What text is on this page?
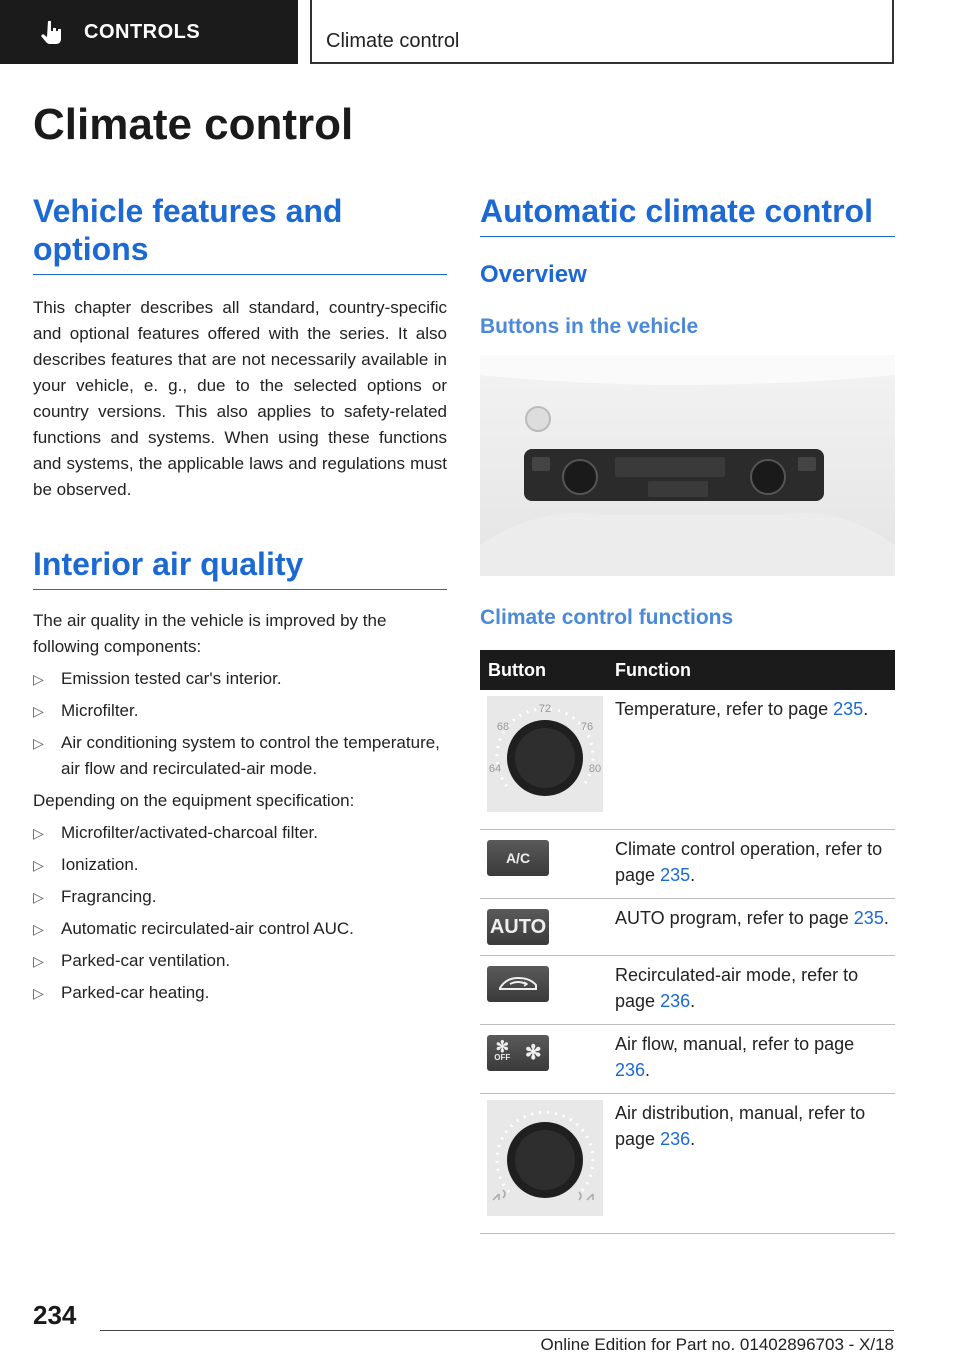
CONTROLS	Climate control
Climate control
Vehicle features and options

This chapter describes all standard, country-specific and optional features offered with the series. It also describes features that are not necessarily available in your vehicle, e. g., due to the selected options or country versions. This also applies to safety-related functions and systems. When using these functions and systems, the applicable laws and regulations must be observed.

Interior air quality

The air quality in the vehicle is improved by the following components:

▷ Emission tested car's interior.
▷ Microfilter.
▷ Air conditioning system to control the temperature, air flow and recirculated-air mode.

Depending on the equipment specification:

▷ Microfilter/activated-charcoal filter.
▷ Ionization.
▷ Fragrancing.
▷ Automatic recirculated-air control AUC.
▷ Parked-car ventilation.
▷ Parked-car heating.
Automatic climate control
Overview
Buttons in the vehicle
Climate control functions
Button	Function

72
68 76
64 80	Temperature, refer to page 235.

A/C	Climate control operation, refer to page 235.

AUTO	AUTO program, refer to page 235.

	Recirculated-air mode, refer to page 236.

✻
OFF ✻	Air flow, manual, refer to page 236.
	Air distribution, manual, refer to page 236.
234
Online Edition for Part no. 01402896703 - X/18
